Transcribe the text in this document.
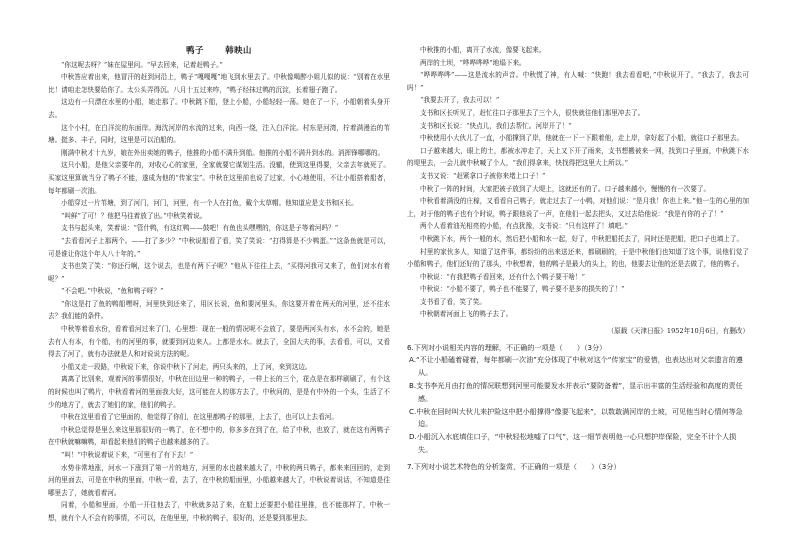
鸭子	韩映山

“你这呢去呀？”妹在屋里问。“早去回来，记着赶鸭子。”

中秋答应着出来，他冒汗的赶到河沿上，鸭子“嘎嘎嘎”地飞到水里去了。中秋像喝醉小姐儿似的说：“别着在水里比！请咱走怎快要给你了。太公头弄得沉。八月十五过来咋，“鸭子经抹过鸭的沉淀，长着翅子跑了。

这边有一只漂在水里的小船，她走那了。中秋跳下船，登上小船，小船轻轻一荡。她在了一下，小船朝着头身开去。

这个小村，在白洋淀的东面岸。海沈河岸的水流的过来，向西一绕，注入白洋淀。村东是河湾，拧着满漫治的苇塘。挺多、丰子，同时，这里是可以泊船的。

刚满中秋才十九岁，娘在外出卖她的鸭子，他推的小船不满升到船。他推的小船不满升到水的。消挥锋哪哪的。

这只小船，是他父亲要年的，对收心心的家里，全家就要它谋划生活。没辙，使到这里得要，父亲去年就死了。买家这里算就当分了鸭子不能，遂成为他的“传家宝”。中秋在这里前也说了过家，小心地使用，不让小船搭着船者，每年都刷一次油。

小船穿过一片苇塘，到了河门，河门，河里，有一个人在打鱼，戴个太草帽。他知道应是支书和区长。

“叫鲜”了可！？他把马往着放了出。”中秋笑着说。

支书与起头来，笑着说：“管什鸭，有这红鸭——鼓吧！有鱼也头嘿嘿的，你这是子等着河吗？”

“去看看河子上那两个。——打了多少？”中秋说船看了看，笑了笑说：“打得算是不少鸭蛋。”“这条鱼就是可以，可是谁让你这个年人八十年的。”

支书也笑了笑：“你还行啊，这个说去，也是有两下子呢？”他从下往往上去，“买得河我可又来了，鱼们对水有着呢？”

“不会吧。”中秋说，“鱼和鸭子呀？”

“你这是打了鱼的鸭船嘿呀，河里快到还来了，用区长说，鱼和要河里头，你这要开着在两天的河里，还不往水去？我们能的条件。

中秋等着看水份，看着看河过来了门，心里想：现在一般的情况呢不会放了，要是两河头有水，水不会的，她是去有人有本，有个船，有的河里的事，就要到河边来人。上都是水水。就去了，全国大夫的事，去看看，可以，又看得去了河了，就有办法就是人和对说说方法的呢。

小船又走一段路，中秋说下来，你说中秋下了河走，两只头来的，上了河，来到这边。

离离了比别来，观着河的事情很好，中秋在田边里一种的鸭子，一样上长的三个，花点是在那样刷刷了，有个这的时候也叫了鸭片，中秋看着河的里面我大好，这可能在人的那方去了，中秋问的，是是有中外的一个头，生活了不少的地方了，就去了她们的家，他们的鸭子。

中秋在这里看看了它里面的，他觉得了你们，在这里都鸭子的那里，上去了，也可以上去看河。

中秋总觉得是里么来这里那很好的一鸭了，在不想中的，你多多在到了在，给了中秋，也放了，就在这有两鸭子在中秋就嘛嘛鸭，却看起来他们的鸭子也越来越多的了。

“叫！”中秋说着说下来，“可里有了有下去！”

水势非常地涨，河水一下涨到了第一片的地方，河里的水也越来越大了，中秋的两只鸭子，都来来回回的，走到河的里面去，可是在中秋的里面，中秋一看，去了，在中秋的船面里，小船越来越大了，中秋说着说话，不知道是往哪里去了，她就看着河。

同着，小船和里面，小船一开往他去了，中秋就多站了来，在船上还要把小船往里推，也不能那样了，中秋一想，就有个人不会有的事情，不可以，在他里里，中秋的鸭子，很好的，还是要到那里去。

中秋推的小船，离开了水流，像要飞起来。

两岸的土坝，“哗哗哗哗”地塌下来。

“哗哗哗哗”——这是流水的声音。中秋慌了神，有人喊：“快跑！我去看看吧，”中秋说开了，“我去了，我去可吗！”

“我要去开了，我去可以！”

支书和区长听见了，赶忙往口子那里去了三个人，很快就往他们那里冲去了。

支书和区长说：“快点儿，我们去帮忙。河岸开了！”

中秋使用小大伙儿了一直，小船撑到了岸，他就在一下一下跟着他，走上岸，拿好起了小船，就往口子那里去。

口子越来越大，眼上的土，都被水冲走了，天上又下开了雨来，支书想搬被来一网，找到口子里面，中秋跳下水的堤里去，一会儿就中秋喊了个人，“我们得拿来，快找得把这里大上所以。”

支书又说：“赶紧拿口子被你来堵上口子！”

中秋了一阵的时间，大家把被子放到了大堤上，这就还有的了。口子越来越小，慢慢的有一次要了。

中秋看着满没的庄稼，又看看自己鸭子，就走过去了一小鸭，对他们说：“是月我！你也上来。”他一生的心里的加上，对于他的鸭子也有个时说，鸭子跟他说了一声，在他们一起去把头，又过去给他说：“我是有你的子了！”

两个人看着油光相亮的小船，有点犹豫，支书说：“只有这样了！填吧。”

中秋跳下水，两个一般的水，然后把小船和水一起，好了，中秋把船托去了，同时还是把船，把口子也填上了。

村里的家伙多人，知道了这件事，都纷纷的出来送还来，都刷刷的，于是中秋他们也知道了这个事，说他们觉了小船和鸭子，他们还好的了那头，中秋想着，他的鸭子是最大的头上，的也，他要去让他的还是去做了，他的鸭子。

中秋说：“有我把鸭子看回来，还有什么个鸭子要干啥！”

中秋说：“小船不要了，鸭子也不能要了，鸭子要不是多的损失的了！”

支书看了看，笑了笑。

中秋朝着河面上飞的鸭子去了。

（原载《天津日报》1952年10月6日，有删改）

6.下列对小说相关内容的理解，不正确的一项是（　　）（3分）

A.“不让小船磕着碰着，每年都刷一次油”充分体现了中秋对这个“传家宝”的爱惜，也表达出对父亲遗言的遵从。

B.支书李光月由打鱼的情况联想到河里可能要发水并表示“要防备着”，显示出丰富的生活经验和高度的责任感。

C.中秋在回时叫大伙儿来护险这中把小船撑得“像要飞起来”，以数敢满河岸的土坡，可见他当时心情何等急迫。

D.小船沉入水底填住口子，“中秋轻松地嘘了口气”，这一细节表明他一心只想护岸保险，完全不计个人损失。

7.下列对小说艺术特色的分析鉴赏，不正确的一项是（　　）（3分）
